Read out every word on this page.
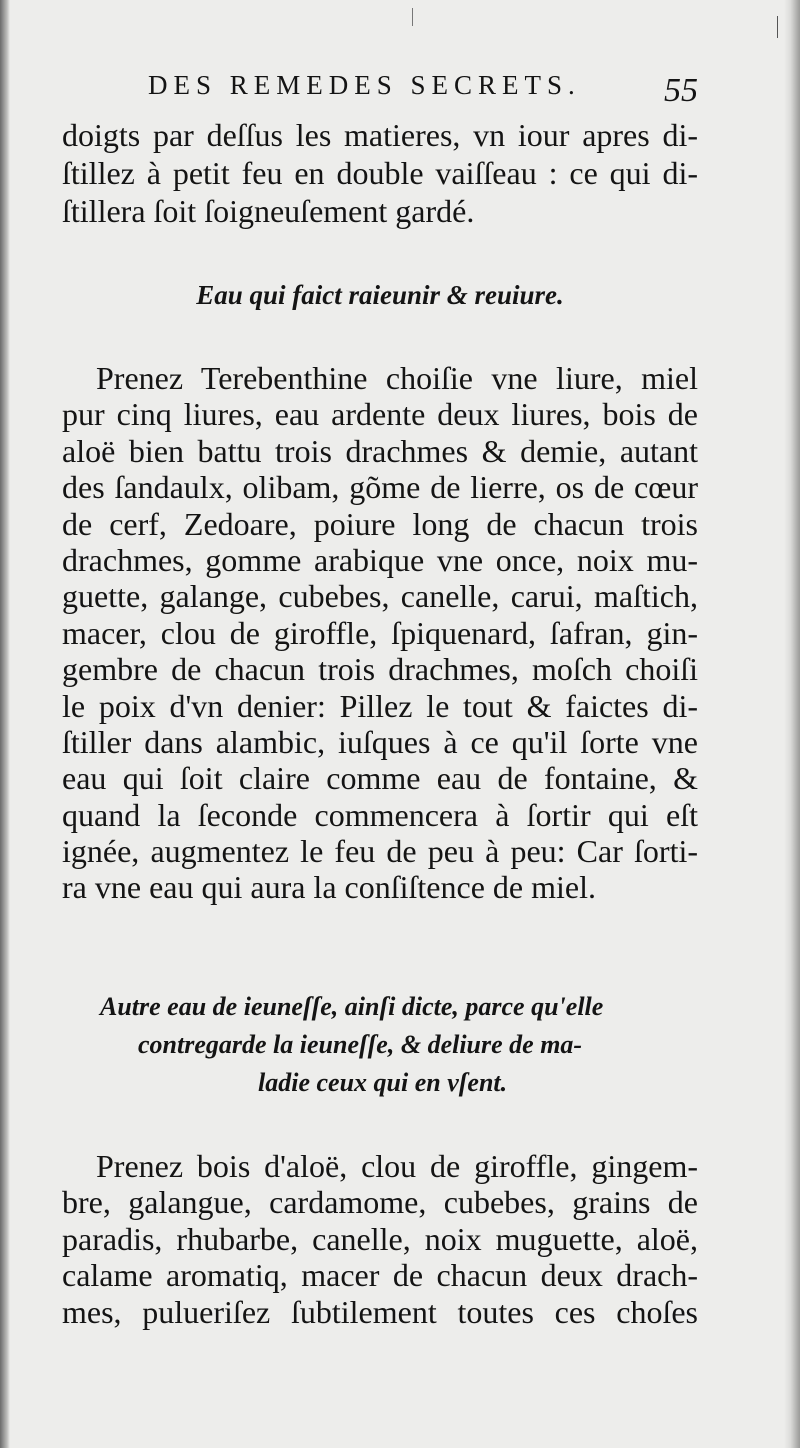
DES REMEDES SECRETS. 55
doigts par deſſus les matieres, vn iour apres di-
ſtillez à petit feu en double vaiſſeau : ce qui di-
ſtillera ſoit ſoigneuſement gardé.
Eau qui faict raieunir & reuiure.
Prenez Terebenthine choiſie vne liure, miel
pur cinq liures, eau ardente deux liures, bois de
aloë bien battu trois drachmes & demie, autant
des ſandaulx, olibam, gõme de lierre, os de cœur
de cerf, Zedoare, poiure long de chacun trois
drachmes, gomme arabique vne once, noix mu-
guette, galange, cubebes, canelle, carui, maſtich,
macer, clou de giroffle, ſpiquenard, ſafran, gin-
gembre de chacun trois drachmes, moſch choiſi
le poix d'vn denier: Pillez le tout & faictes di-
ſtiller dans alambic, iuſques à ce qu'il ſorte vne
eau qui ſoit claire comme eau de fontaine, &
quand la ſeconde commencera à ſortir qui eſt
ignée, augmentez le feu de peu à peu: Car ſorti-
ra vne eau qui aura la conſiſtence de miel.
Autre eau de ieuneſſe, ainſi dicte, parce qu'elle
contregarde la ieuneſſe, & deliure de ma-
ladie ceux qui en vſent.
Prenez bois d'aloë, clou de giroffle, gingem-
bre, galangue, cardamome, cubebes, grains de
paradis, rhubarbe, canelle, noix muguette, aloë,
calame aromatiq, macer de chacun deux drach-
mes, pulueriſez ſubtilement toutes ces choſes
